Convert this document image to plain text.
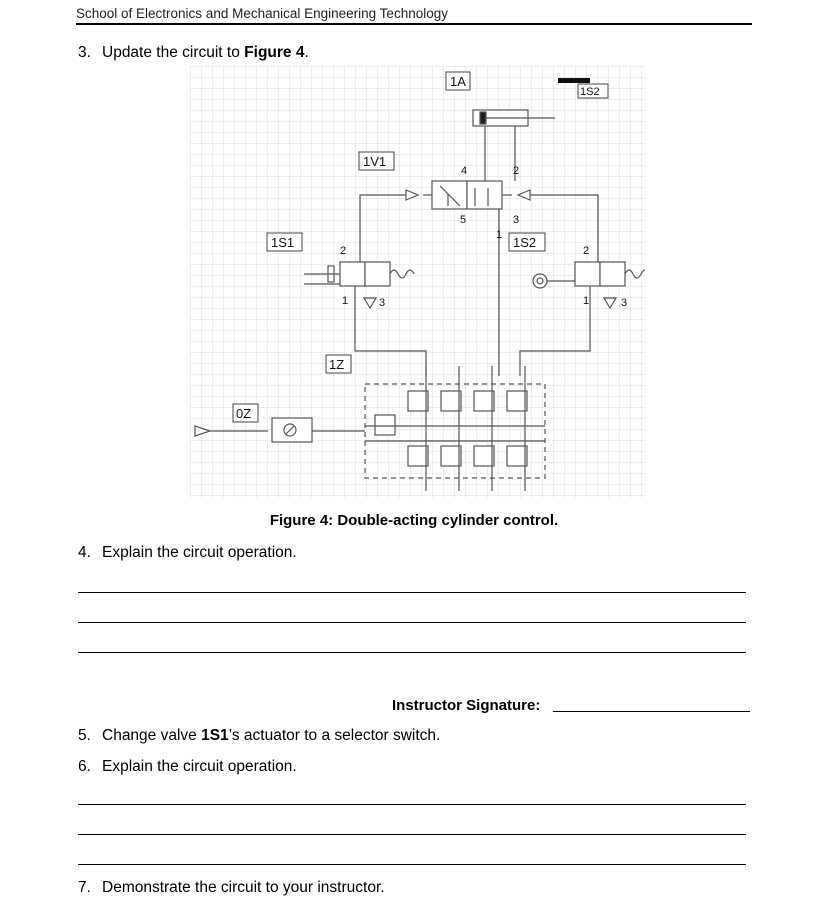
School of Electronics and Mechanical Engineering Technology
3. Update the circuit to Figure 4.
1A
1S2
1V1
1S1	1S2
1Z
0Z
4	2
5	3
1
2
1	3
2
1	3
Figure 4: Double-acting cylinder control.
4. Explain the circuit operation.
Instructor Signature:
5. Change valve 1S1’s actuator to a selector switch.
6. Explain the circuit operation.
7. Demonstrate the circuit to your instructor.
